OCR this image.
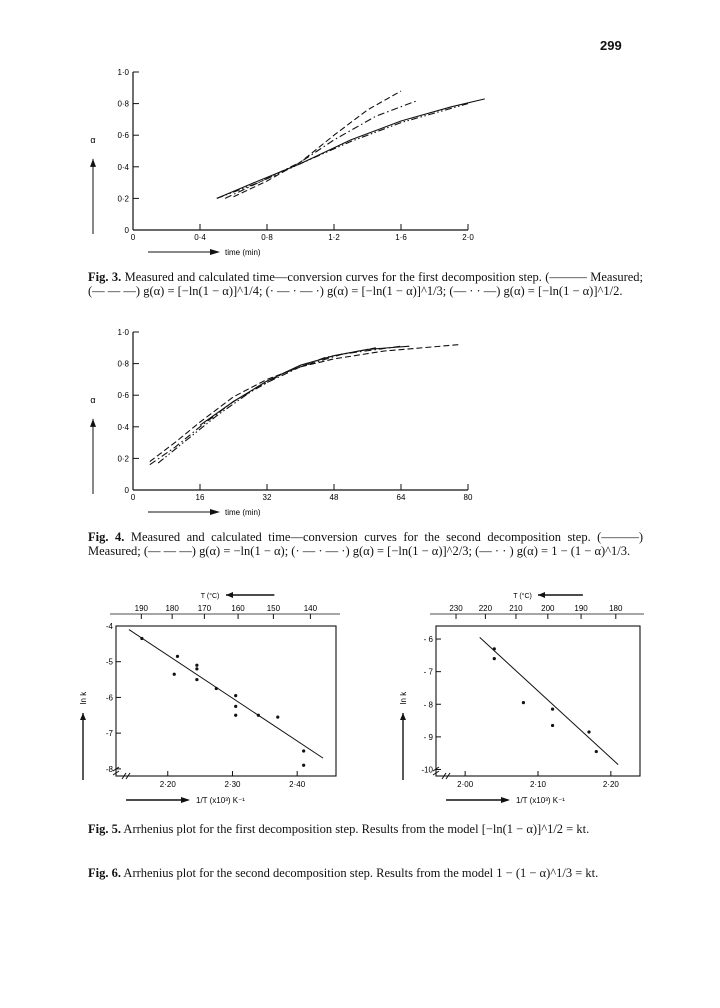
299
0
0·2
0·4
0·6
0·8
1·0
0	0·4	0·8	1·2	1·6	2·0
α
time (min)
Fig. 3. Measured and calculated time—conversion curves for the first decomposition step. (——— Measured; (— — —) g(α) = [−ln(1 − α)]^1/4; (· — · — ·) g(α) = [−ln(1 − α)]^1/3; (— · · —) g(α) = [−ln(1 − α)]^1/2.
0
0·2
0·4
0·6
0·8
1·0
0	16	32	48	64	80
α
time (min)
Fig. 4. Measured and calculated time—conversion curves for the second decomposition step. (———) Measured; (— — —) g(α) = −ln(1 − α); (· — · — ·) g(α) = [−ln(1 − α)]^2/3; (— · · ) g(α) = 1 − (1 − α)^1/3.
T (°C)
190 180 170	160	150	140
-4
-5
-6
-7
-8
2·20	2·30	2·40
ln k
1/T (x10³) K⁻¹
T (°C)
230 220 210 200 190	180
- 6
- 7
- 8
- 9
-10
2·00	2·10	2·20
ln k
1/T (x10³) K⁻¹
Fig. 5. Arrhenius plot for the first decomposition step. Results from the model [−ln(1 − α)]^1/2 = kt.
Fig. 6. Arrhenius plot for the second decomposition step. Results from the model 1 − (1 − α)^1/3 = kt.
